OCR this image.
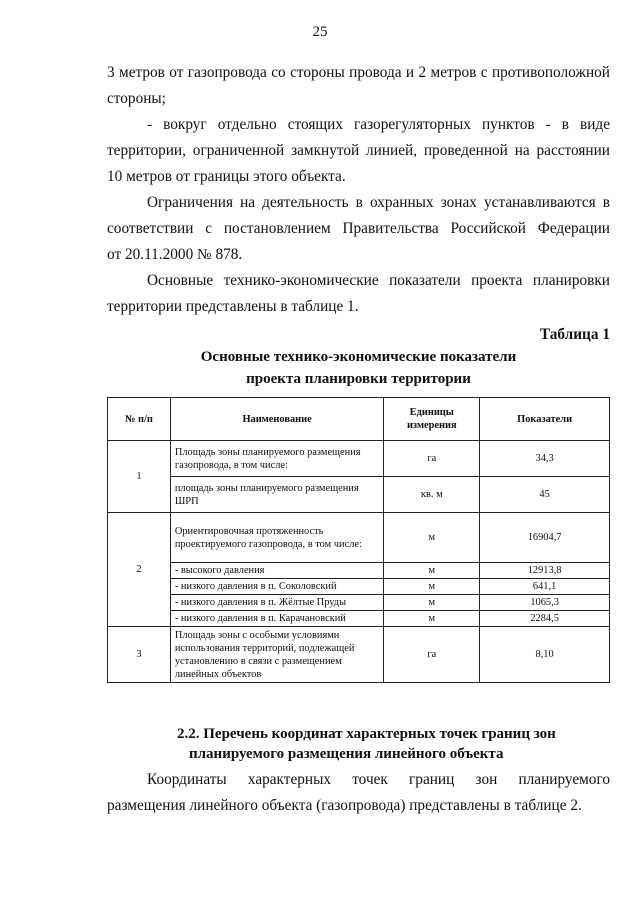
25
3 метров от газопровода со стороны провода и 2 метров с противоположной
стороны;
- вокруг отдельно стоящих газорегуляторных пунктов - в виде
территории, ограниченной замкнутой линией, проведенной на расстоянии
10 метров от границы этого объекта.
Ограничения на деятельность в охранных зонах устанавливаются в
соответствии с постановлением Правительства Российской Федерации
от 20.11.2000 № 878.
Основные технико-экономические показатели проекта планировки
территории представлены в таблице 1.
Таблица 1
Основные технико-экономические показатели
проекта планировки территории
№ п/п	Наименование	Единицы измерения	Показатели
1	Площадь зоны планируемого размещения газопровода, в том числе:	га	34,3
	площадь зоны планируемого размещения ШРП	кв. м	45
2	Ориентировочная протяженность проектируемого газопровода, в том числе:	м	16904,7
	- высокого давления	м	12913,8
	- низкого давления в п. Соколовский	м	641,1
	- низкого давления в п. Жёлтые Пруды	м	1065,3
	- низкого давления в п. Карачановский	м	2284,5
3	Площадь зоны с особыми условиями использования территорий, подлежащей установлению в связи с размещением линейных объектов	га	8,10
2.2. Перечень координат характерных точек границ зон
планируемого размещения линейного объекта
Координаты характерных точек границ зон планируемого
размещения линейного объекта (газопровода) представлены в таблице 2.
